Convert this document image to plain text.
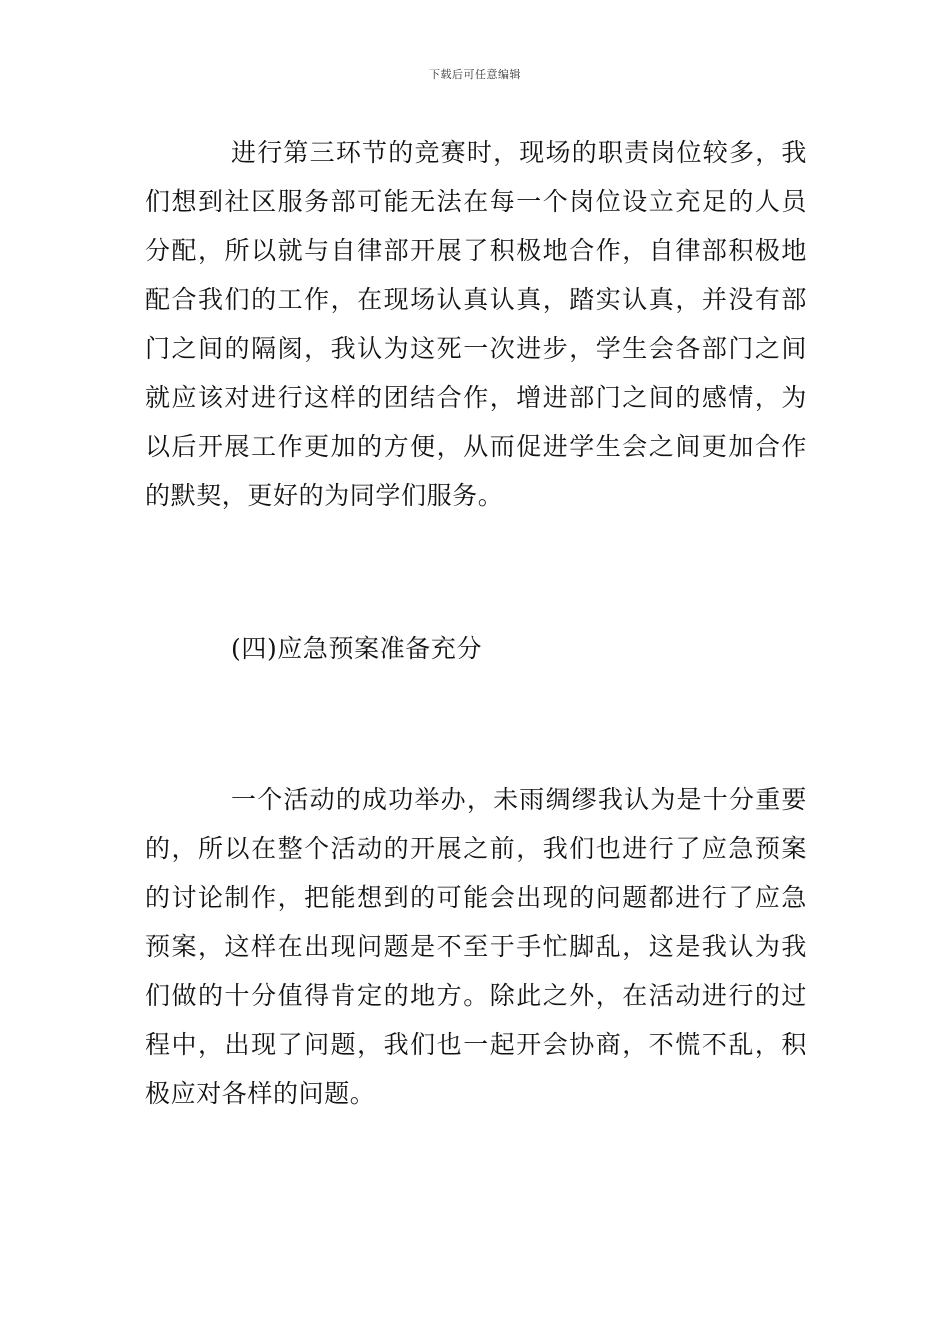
下载后可任意编辑

进行第三环节的竞赛时，现场的职责岗位较多，我们想到社区服务部可能无法在每一个岗位设立充足的人员分配，所以就与自律部开展了积极地合作，自律部积极地配合我们的工作，在现场认真认真，踏实认真，并没有部门之间的隔阂，我认为这死一次进步，学生会各部门之间就应该对进行这样的团结合作，增进部门之间的感情，为以后开展工作更加的方便，从而促进学生会之间更加合作的默契，更好的为同学们服务。

(四)应急预案准备充分

一个活动的成功举办，未雨绸缪我认为是十分重要的，所以在整个活动的开展之前，我们也进行了应急预案的讨论制作，把能想到的可能会出现的问题都进行了应急预案，这样在出现问题是不至于手忙脚乱，这是我认为我们做的十分值得肯定的地方。除此之外，在活动进行的过程中，出现了问题，我们也一起开会协商，不慌不乱，积极应对各样的问题。
